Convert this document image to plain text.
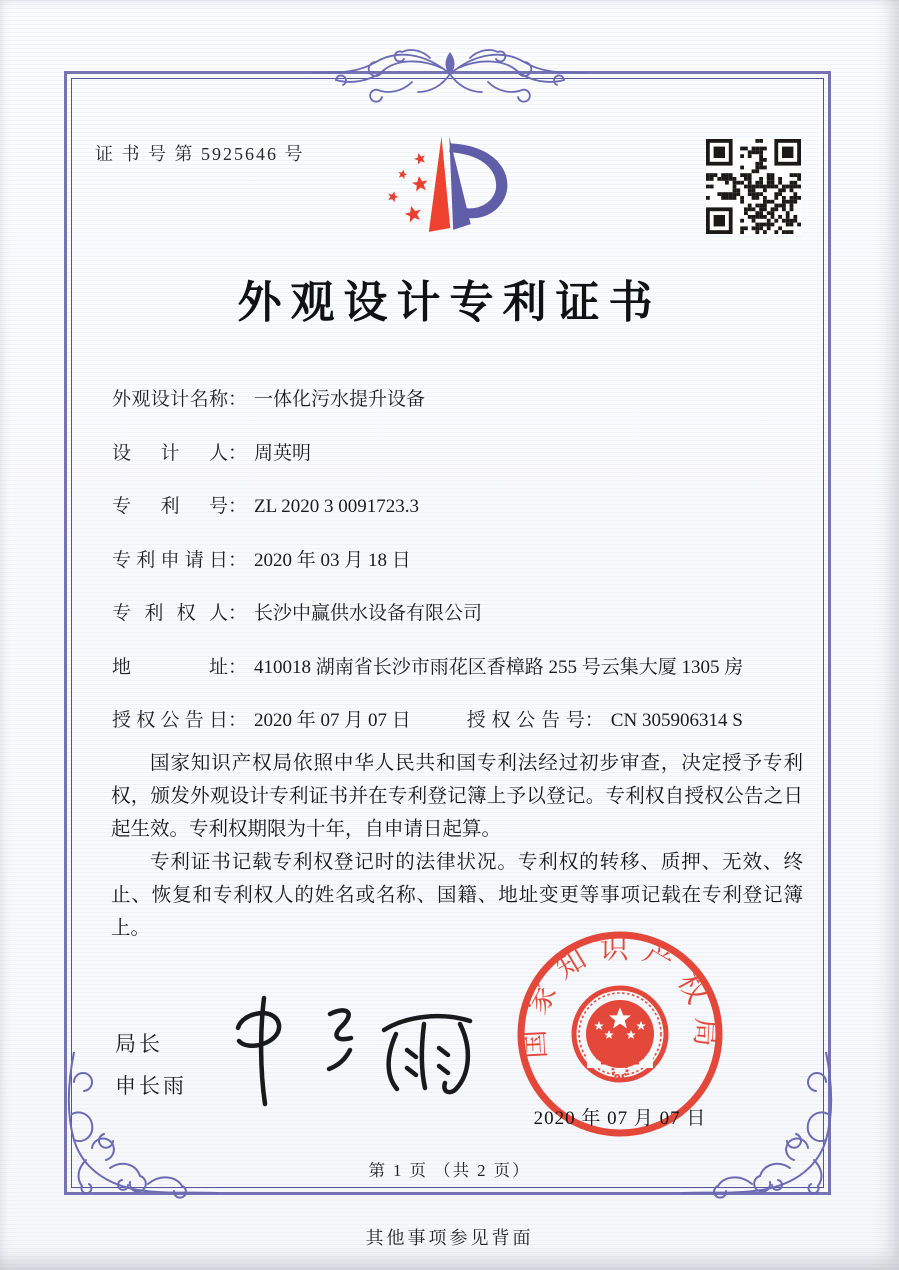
证 书 号 第 5925646 号
外观设计专利证书
外观设计名称： 一体化污水提升设备
设计人： 周英明
专利号： ZL 2020 3 0091723.3
专利申请日： 2020 年 03 月 18 日
专利权人： 长沙中赢供水设备有限公司
地址： 410018 湖南省长沙市雨花区香樟路 255 号云集大厦 1305 房
授权公告日： 2020 年 07 月 07 日	授权公告号： CN 305906314 S

国家知识产权局依照中华人民共和国专利法经过初步审查，决定授予专利权，颁发外观设计专利证书并在专利登记簿上予以登记。专利权自授权公告之日起生效。专利权期限为十年，自申请日起算。

专利证书记载专利权登记时的法律状况。专利权的转移、质押、无效、终止、恢复和专利权人的姓名或名称、国籍、地址变更等事项记载在专利登记簿上。

局长
申长雨
国家知识产权局
2020 年 07 月 07 日
第 1 页 （共 2 页）
其他事项参见背面
